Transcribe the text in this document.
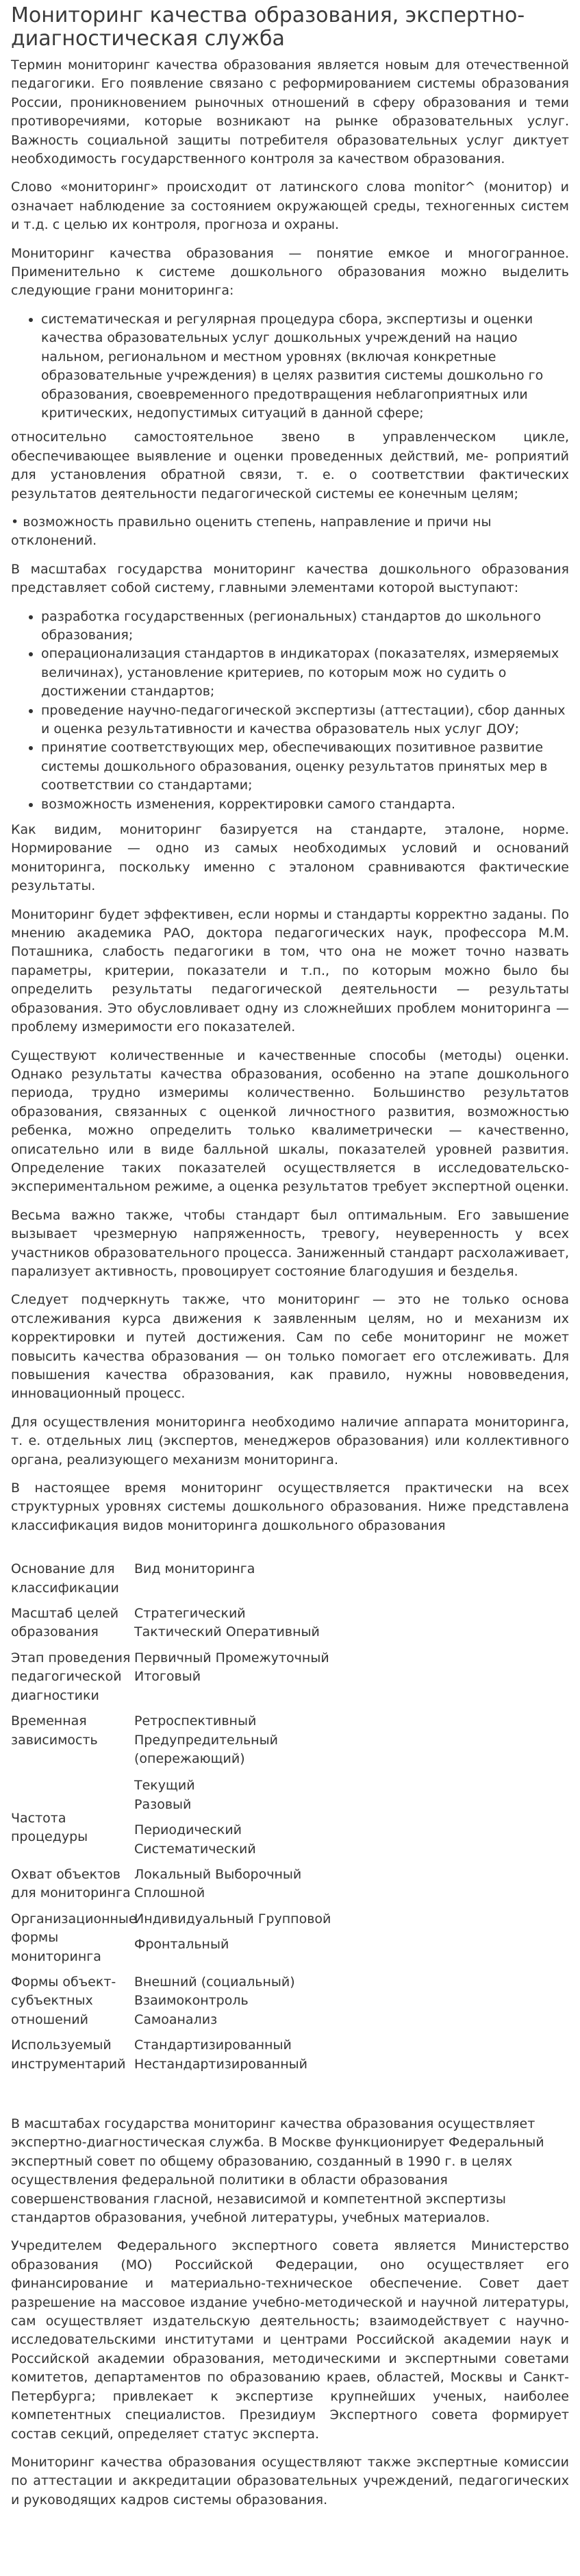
Мониторинг качества образования, экспертно-диагностическая служба

Термин мониторинг качества образования является новым для отечественной педагогики. Его появление связано с реформированием системы образования России, проникновением рыночных отношений в сферу образования и теми противоречиями, которые возникают на рынке образовательных услуг. Важность социальной защиты потребителя образовательных услуг диктует необходимость государственного контроля за качеством образования.

Слово «мониторинг» происходит от латинского слова monitor^ (монитор) и означает наблюдение за состоянием окружающей среды, техногенных систем и т.д. с целью их контроля, прогноза и охраны.

Мониторинг качества образования — понятие емкое и многогранное. Применительно к системе дошкольного образования можно выделить следующие грани мониторинга:

• систематическая и регулярная процедура сбора, экспертизы и оценки качества образовательных услуг дошкольных учреждений на нацио нальном, региональном и местном уровнях (включая конкретные образовательные учреждения) в целях развития системы дошкольно го образования, своевременного предотвращения неблагоприятных или критических, недопустимых ситуаций в данной сфере;

относительно самостоятельное звено в управленческом цикле, обеспечивающее выявление и оценки проведенных действий, ме- роприятий для установления обратной связи, т. е. о соответствии фактических результатов деятельности педагогической системы ее конечным целям;

• возможность правильно оценить степень, направление и причи ны отклонений.

В масштабах государства мониторинг качества дошкольного образования представляет собой систему, главными элементами которой выступают:

• разработка государственных (региональных) стандартов до школьного образования;
• операционализация стандартов в индикаторах (показателях, измеряемых величинах), установление критериев, по которым мож но судить о достижении стандартов;
• проведение научно-педагогической экспертизы (аттестации), сбор данных и оценка результативности и качества образователь ных услуг ДОУ;
• принятие соответствующих мер, обеспечивающих позитивное развитие системы дошкольного образования, оценку результатов принятых мер в соответствии со стандартами;
• возможность изменения, корректировки самого стандарта.

Как видим, мониторинг базируется на стандарте, эталоне, норме. Нормирование — одно из самых необходимых условий и оснований мониторинга, поскольку именно с эталоном сравниваются фактические результаты.

Мониторинг будет эффективен, если нормы и стандарты корректно заданы. По мнению академика РАО, доктора педагогических наук, профессора М.М. Поташника, слабость педагогики в том, что она не может точно назвать параметры, критерии, показатели и т.п., по которым можно было бы определить результаты педагогической деятельности — результаты образования. Это обусловливает одну из сложнейших проблем мониторинга — проблему измеримости его показателей.

Существуют количественные и качественные способы (методы) оценки. Однако результаты качества образования, особенно на этапе дошкольного периода, трудно измеримы количественно. Большинство результатов образования, связанных с оценкой личностного развития, возможностью ребенка, можно определить только квалиметрически — качественно, описательно или в виде балльной шкалы, показателей уровней развития. Определение таких показателей осуществляется в исследовательско-экспериментальном режиме, а оценка результатов требует экспертной оценки.

Весьма важно также, чтобы стандарт был оптимальным. Его завышение вызывает чрезмерную напряженность, тревогу, неуверенность у всех участников образовательного процесса. Заниженный стандарт расхолаживает, парализует активность, провоцирует состояние благодушия и безделья.

Следует подчеркнуть также, что мониторинг — это не только основа отслеживания курса движения к заявленным целям, но и механизм их корректировки и путей достижения. Сам по себе мониторинг не может повысить качества образования — он только помогает его отслеживать. Для повышения качества образования, как правило, нужны нововведения, инновационный процесс.

Для осуществления мониторинга необходимо наличие аппарата мониторинга, т. е. отдельных лиц (экспертов, менеджеров образования) или коллективного органа, реализующего механизм мониторинга.

В настоящее время мониторинг осуществляется практически на всех структурных уровнях системы дошкольного образования. Ниже представлена классификация видов мониторинга дошкольного образования

Основание для
классификации
Вид мониторинга
Масштаб целей
образования
Стратегический
Тактический Оперативный
Этап проведения
педагогической
диагностики
Первичный Промежуточный
Итоговый
Временная
зависимость
Ретроспективный
Предупредительный
(опережающий)
Текущий
Частота
процедуры
Разовый
Периодический
Систематический
Охват объектов
для мониторинга
Локальный Выборочный
Сплошной
Организационные
формы
мониторинга
Индивидуальный Групповой
Фронтальный
Формы объект-
субъектных
отношений
Внешний (социальный)
Взаимоконтроль
Самоанализ
Используемый
инструментарий
Стандартизированный
Нестандартизированный

В масштабах государства мониторинг качества образования осуществляет экспертно-диагностическая служба. В Москве функционирует Федеральный экспертный совет по общему образованию, созданный в 1990 г. в целях осуществления федеральной политики в области образования совершенствования гласной, независимой и компетентной экспертизы стандартов образования, учебной литературы, учебных материалов.

Учредителем Федерального экспертного совета является Министерство образования (МО) Российской Федерации, оно осуществляет его финансирование и материально-техническое обеспечение. Совет дает разрешение на массовое издание учебно-методической и научной литературы, сам осуществляет издательскую деятельность; взаимодействует с научно-исследовательскими институтами и центрами Российской академии наук и Российской академии образования, методическими и экспертными советами комитетов, департаментов по образованию краев, областей, Москвы и Санкт-Петербурга; привлекает к экспертизе крупнейших ученых, наиболее компетентных специалистов. Президиум Экспертного совета формирует состав секций, определяет статус эксперта.

Мониторинг качества образования осуществляют также экспертные комиссии по аттестации и аккредитации образовательных учреждений, педагогических и руководящих кадров системы образования.
